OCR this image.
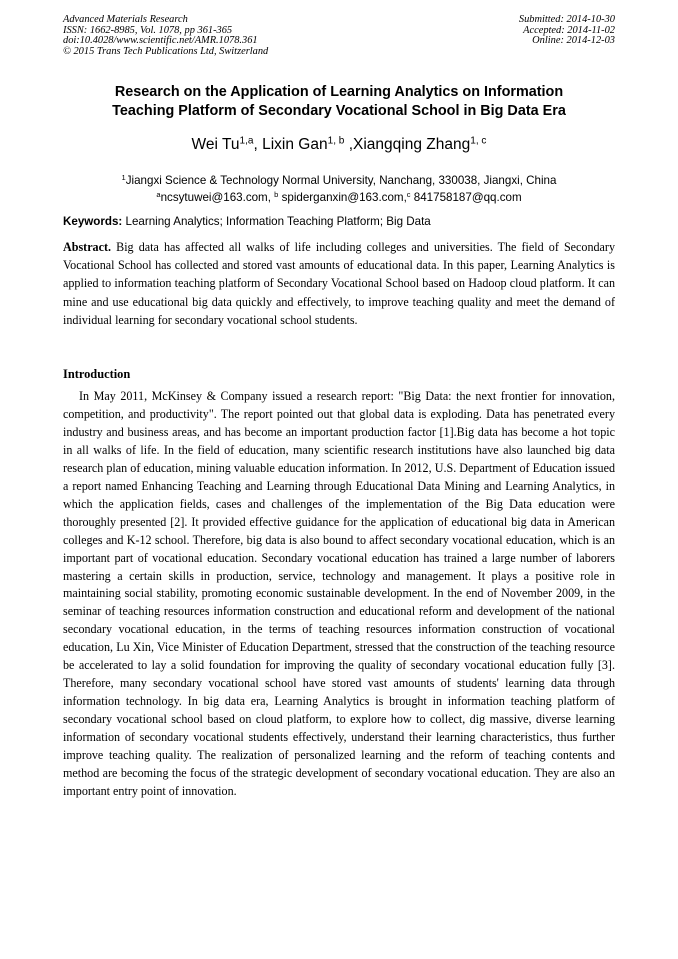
Advanced Materials Research
ISSN: 1662-8985, Vol. 1078, pp 361-365
doi:10.4028/www.scientific.net/AMR.1078.361
© 2015 Trans Tech Publications Ltd, Switzerland
Submitted: 2014-10-30
Accepted: 2014-11-02
Online: 2014-12-03
Research on the Application of Learning Analytics on Information
Teaching Platform of Secondary Vocational School in Big Data Era
Wei Tu$^{1,a}$, Lixin Gan$^{1, b}$ ,Xiangqing Zhang$^{1, c}$
$^1$Jiangxi Science & Technology Normal University, Nanchang, 330038, Jiangxi, China
$^a$ncsytuwei@163.com, $^b$ spiderganxin@163.com,$^c$ 841758187@qq.com
Keywords: Learning Analytics; Information Teaching Platform; Big Data
Abstract. Big data has affected all walks of life including colleges and universities. The field of Secondary Vocational School has collected and stored vast amounts of educational data. In this paper, Learning Analytics is applied to information teaching platform of Secondary Vocational School based on Hadoop cloud platform. It can mine and use educational big data quickly and effectively, to improve teaching quality and meet the demand of individual learning for secondary vocational school students.
Introduction

In May 2011, McKinsey & Company issued a research report: "Big Data: the next frontier for innovation, competition, and productivity". The report pointed out that global data is exploding. Data has penetrated every industry and business areas, and has become an important production factor [1].Big data has become a hot topic in all walks of life. In the field of education, many scientific research institutions have also launched big data research plan of education, mining valuable education information. In 2012, U.S. Department of Education issued a report named Enhancing Teaching and Learning through Educational Data Mining and Learning Analytics, in which the application fields, cases and challenges of the implementation of the Big Data education were thoroughly presented [2]. It provided effective guidance for the application of educational big data in American colleges and K-12 school. Therefore, big data is also bound to affect secondary vocational education, which is an important part of vocational education. Secondary vocational education has trained a large number of laborers mastering a certain skills in production, service, technology and management. It plays a positive role in maintaining social stability, promoting economic sustainable development. In the end of November 2009, in the seminar of teaching resources information construction and educational reform and development of the national secondary vocational education, in the terms of teaching resources information construction of vocational education, Lu Xin, Vice Minister of Education Department, stressed that the construction of the teaching resource be accelerated to lay a solid foundation for improving the quality of secondary vocational education fully [3]. Therefore, many secondary vocational school have stored vast amounts of students' learning data through information technology. In big data era, Learning Analytics is brought in information teaching platform of secondary vocational school based on cloud platform, to explore how to collect, dig massive, diverse learning information of secondary vocational students effectively, understand their learning characteristics, thus further improve teaching quality. The realization of personalized learning and the reform of teaching contents and method are becoming the focus of the strategic development of secondary vocational education. They are also an important entry point of innovation.
